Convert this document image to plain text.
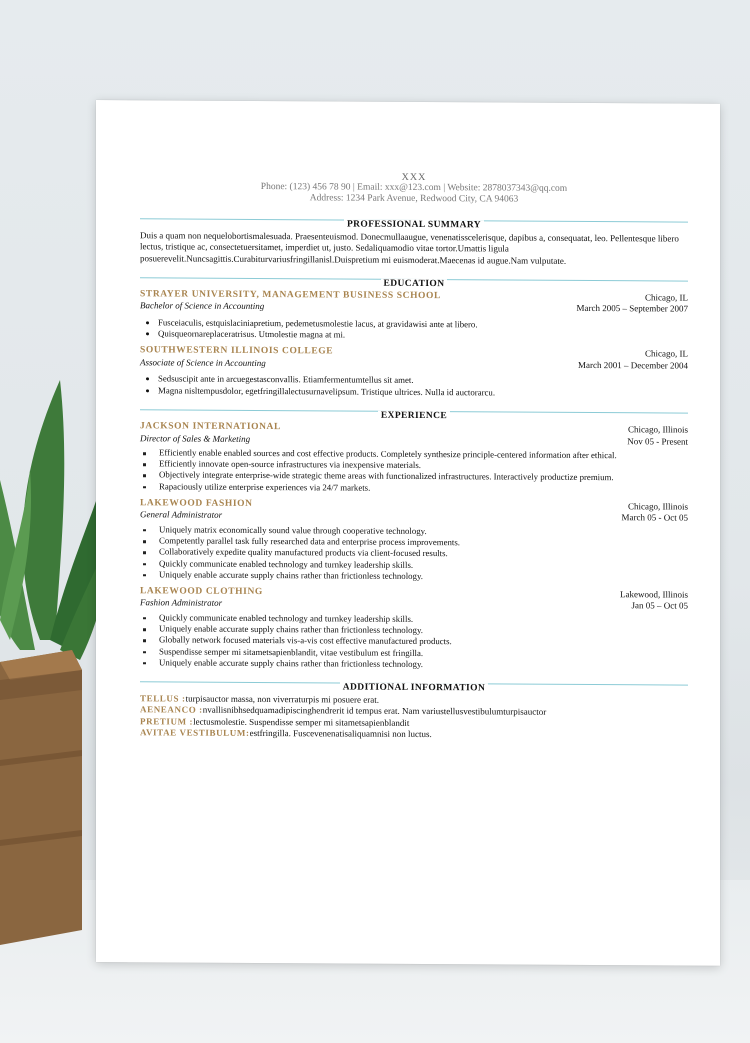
XXX
Phone: (123) 456 78 90 | Email: xxx@123.com | Website: 2878037343@qq.com
Address: 1234 Park Avenue, Redwood City, CA 94063
PROFESSIONAL SUMMARY
Duis a quam non nequelobortismalesuada. Praesenteuismod. Donecmullaaugue, venenatisscelerisque, dapibus a, consequatat, leo. Pellentesque libero lectus, tristique ac, consectetuersitamet, imperdiet ut, justo. Sedaliquamodio vitae tortor.Umattis ligula posuerevelit.Nuncsagittis.Curabiturvariusfringillanisl.Duispretium mi euismoderat.Maecenas id augue.Nam vulputate.
EDUCATION
STRAYER UNIVERSITY, MANAGEMENT BUSINESS SCHOOL	Chicago, IL
Bachelor of Science in Accounting	March 2005 – September 2007
• Fusceiaculis, estquislaciniapretium, pedemetusmolestie lacus, at gravidawisi ante at libero.
• Quisqueornareplaceratrisus. Utmolestie magna at mi.
SOUTHWESTERN ILLINOIS COLLEGE	Chicago, IL
Associate of Science in Accounting	March 2001 – December 2004
• Sedsuscipit ante in arcuegestasconvallis. Etiamfermentumtellus sit amet.
• Magna nisltempusdolor, egetfringillalectusurnavelipsum. Tristique ultrices. Nulla id auctorarcu.
EXPERIENCE
JACKSON INTERNATIONAL	Chicago, Illinois
Director of Sales & Marketing	Nov 05 - Present
Efficiently enable enabled sources and cost effective products. Completely synthesize principle-centered information after ethical.
Efficiently innovate open-source infrastructures via inexpensive materials.
Objectively integrate enterprise-wide strategic theme areas with functionalized infrastructures. Interactively productize premium.
Rapaciously utilize enterprise experiences via 24/7 markets.
LAKEWOOD FASHION	Chicago, Illinois
General Administrator	March 05 - Oct 05
Uniquely matrix economically sound value through cooperative technology.
Competently parallel task fully researched data and enterprise process improvements.
Collaboratively expedite quality manufactured products via client-focused results.
Quickly communicate enabled technology and turnkey leadership skills.
Uniquely enable accurate supply chains rather than frictionless technology.
LAKEWOOD CLOTHING	Lakewood, Illinois
Fashion Administrator	Jan 05 – Oct 05
Quickly communicate enabled technology and turnkey leadership skills.
Uniquely enable accurate supply chains rather than frictionless technology.
Globally network focused materials vis-a-vis cost effective manufactured products.
Suspendisse semper mi sitametsapienblandit, vitae vestibulum est fringilla.
Uniquely enable accurate supply chains rather than frictionless technology.
ADDITIONAL INFORMATION
TELLUS :turpisauctor massa, non viverraturpis mi posuere erat.
AENEANCO :nvallisnibhsedquamadipiscinghendrerit id tempus erat. Nam variustellusvestibulumturpisauctor
PRETIUM :lectusmolestie. Suspendisse semper mi sitametsapienblandit
AVITAE VESTIBULUM:estfringilla. Fuscevenenatisaliquamnisi non luctus.
